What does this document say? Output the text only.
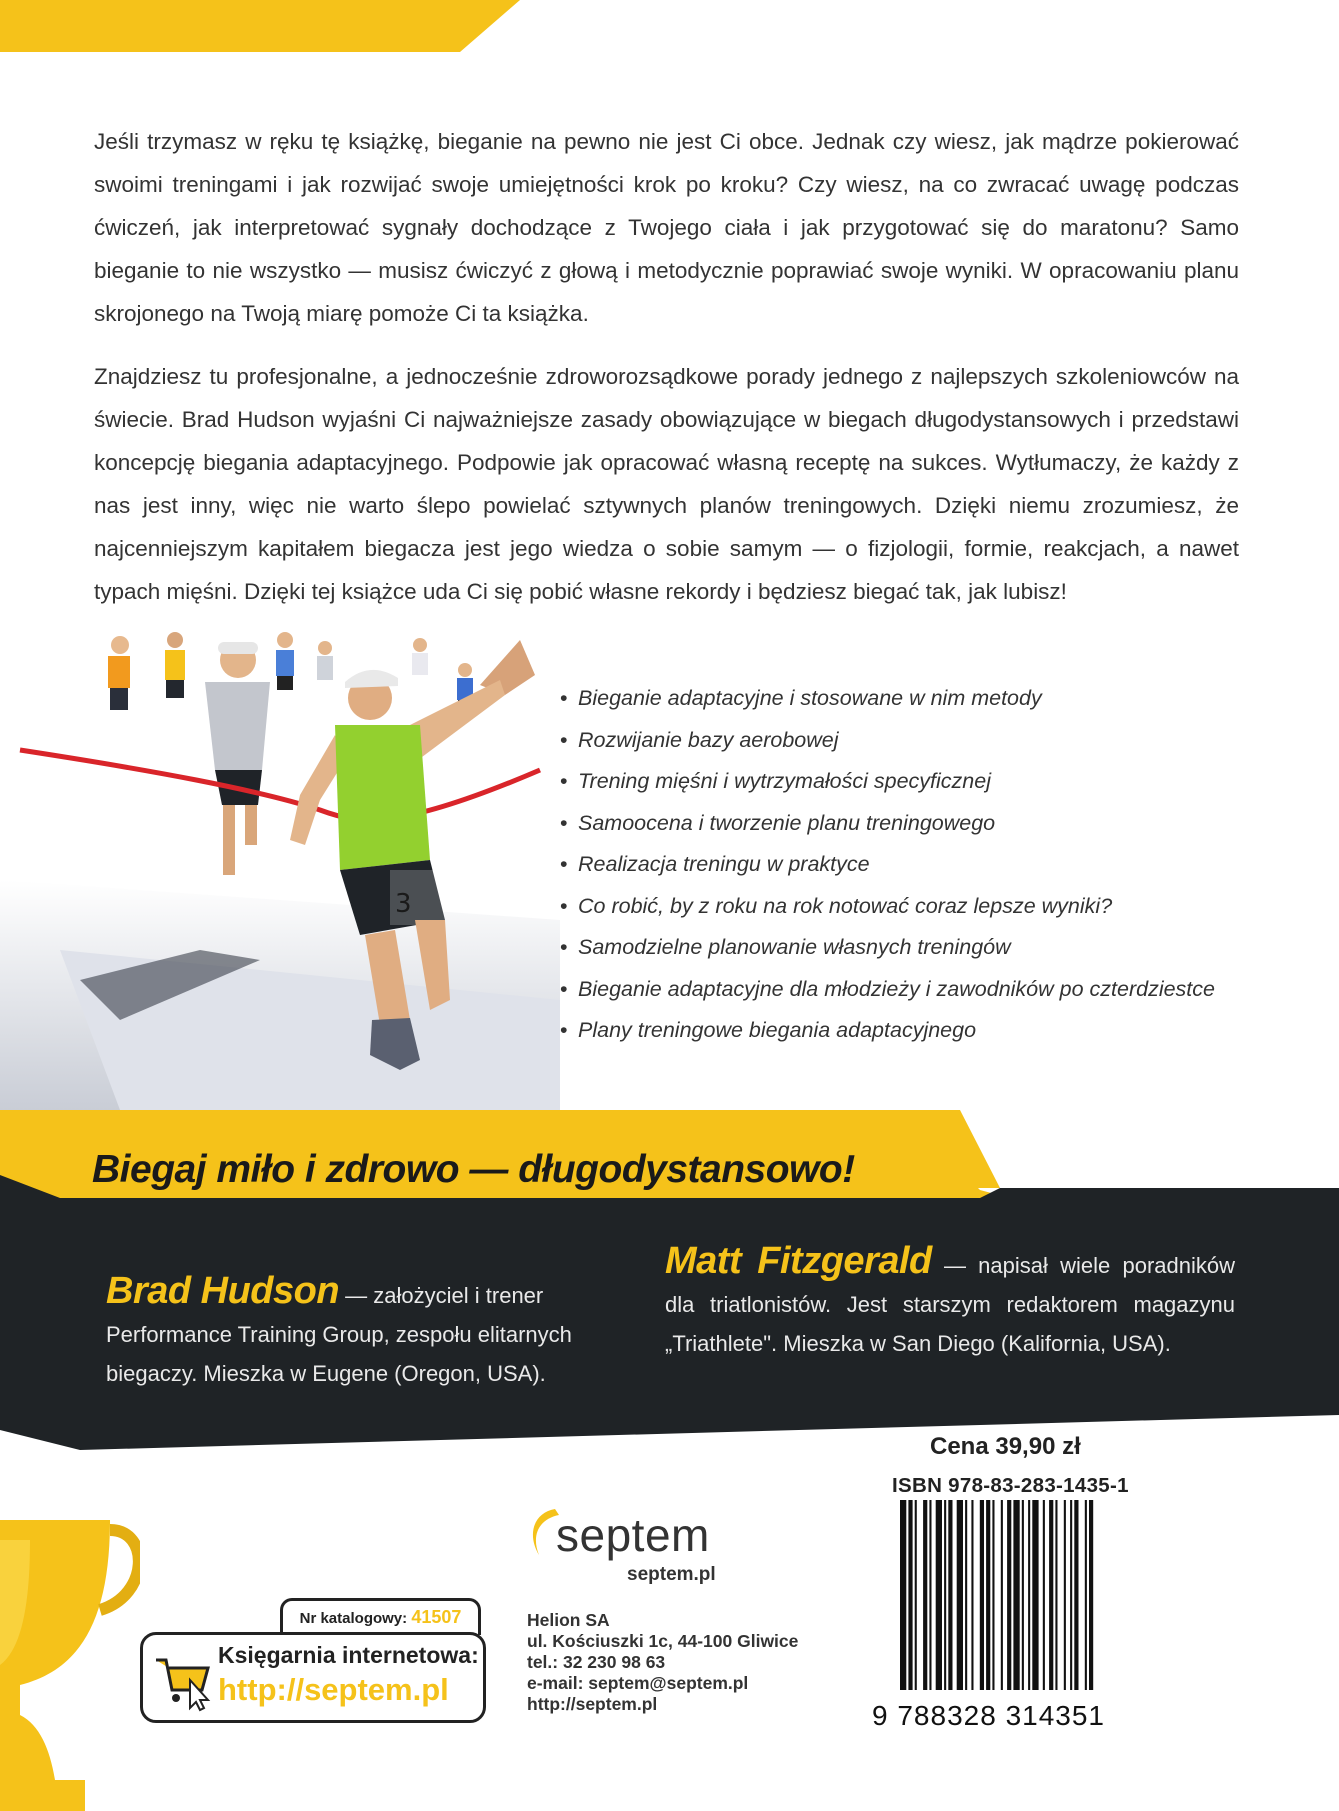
Jeśli trzymasz w ręku tę książkę, bieganie na pewno nie jest Ci obce. Jednak czy wiesz, jak mądrze pokierować swoimi treningami i jak rozwijać swoje umiejętności krok po kroku? Czy wiesz, na co zwracać uwagę podczas ćwiczeń, jak interpretować sygnały dochodzące z Twojego ciała i jak przygotować się do maratonu? Samo bieganie to nie wszystko — musisz ćwiczyć z głową i metodycznie poprawiać swoje wyniki. W opracowaniu planu skrojonego na Twoją miarę pomoże Ci ta książka.

Znajdziesz tu profesjonalne, a jednocześnie zdroworozsądkowe porady jednego z najlepszych szkoleniowców na świecie. Brad Hudson wyjaśni Ci najważniejsze zasady obowiązujące w biegach długodystansowych i przedstawi koncepcję biegania adaptacyjnego. Podpowie jak opracować własną receptę na sukces. Wytłumaczy, że każdy z nas jest inny, więc nie warto ślepo powielać sztywnych planów treningowych. Dzięki niemu zrozumiesz, że najcenniejszym kapitałem biegacza jest jego wiedza o sobie samym — o fizjologii, formie, reakcjach, a nawet typach mięśni. Dzięki tej książce uda Ci się pobić własne rekordy i będziesz biegać tak, jak lubisz!

3
• Bieganie adaptacyjne i stosowane w nim metody
• Rozwijanie bazy aerobowej
• Trening mięśni i wytrzymałości specyficznej
• Samoocena i tworzenie planu treningowego
• Realizacja treningu w praktyce
• Co robić, by z roku na rok notować coraz lepsze wyniki?
• Samodzielne planowanie własnych treningów
• Bieganie adaptacyjne dla młodzieży i zawodników po czterdziestce
• Plany treningowe biegania adaptacyjnego
Biegaj miło i zdrowo — długodystansowo!
Brad Hudson — założyciel i trener Performance Training Group, zespołu elitarnych biegaczy. Mieszka w Eugene (Oregon, USA).
Matt Fitzgerald — napisał wiele poradników dla triatlonistów. Jest starszym redaktorem magazynu „Triathlete". Mieszka w San Diego (Kalifornia, USA).
Cena 39,90 zł
ISBN 978-83-283-1435-1
9 788328 314351
Nr katalogowy: 41507
Księgarnia internetowa:
http://septem.pl
septem
septem.pl
Helion SA
ul. Kościuszki 1c, 44-100 Gliwice
tel.: 32 230 98 63
e-mail: septem@septem.pl
http://septem.pl
